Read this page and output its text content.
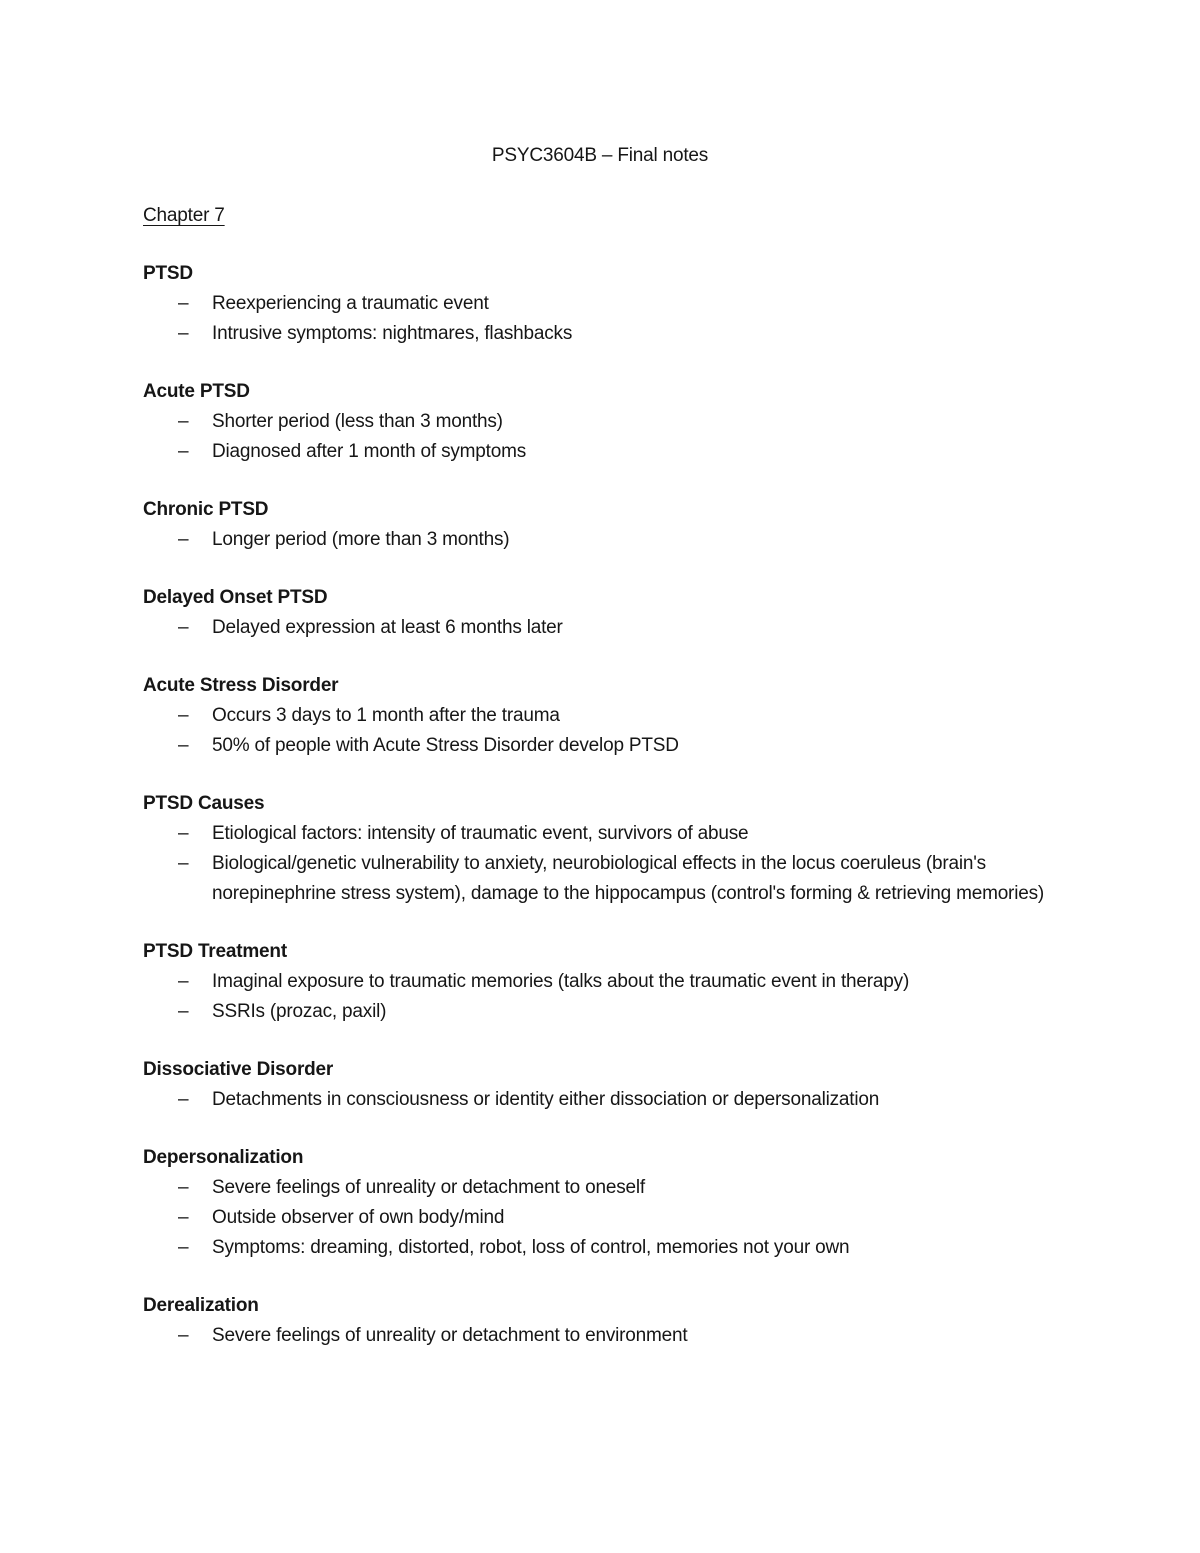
PSYC3604B – Final notes
Chapter 7
PTSD
–	Reexperiencing a traumatic event
–	Intrusive symptoms: nightmares, flashbacks
Acute PTSD
–	Shorter period (less than 3 months)
–	Diagnosed after 1 month of symptoms
Chronic PTSD
–	Longer period (more than 3 months)
Delayed Onset PTSD
–	Delayed expression at least 6 months later
Acute Stress Disorder
–	Occurs 3 days to 1 month after the trauma
–	50% of people with Acute Stress Disorder develop PTSD
PTSD Causes
–	Etiological factors: intensity of traumatic event, survivors of abuse
–	Biological/genetic vulnerability to anxiety, neurobiological effects in the locus coeruleus (brain's norepinephrine stress system), damage to the hippocampus (control's forming & retrieving memories)
PTSD Treatment
–	Imaginal exposure to traumatic memories (talks about the traumatic event in therapy)
–	SSRIs (prozac, paxil)
Dissociative Disorder
–	Detachments in consciousness or identity either dissociation or depersonalization
Depersonalization
–	Severe feelings of unreality or detachment to oneself
–	Outside observer of own body/mind
–	Symptoms: dreaming, distorted, robot, loss of control, memories not your own
Derealization
–	Severe feelings of unreality or detachment to environment
